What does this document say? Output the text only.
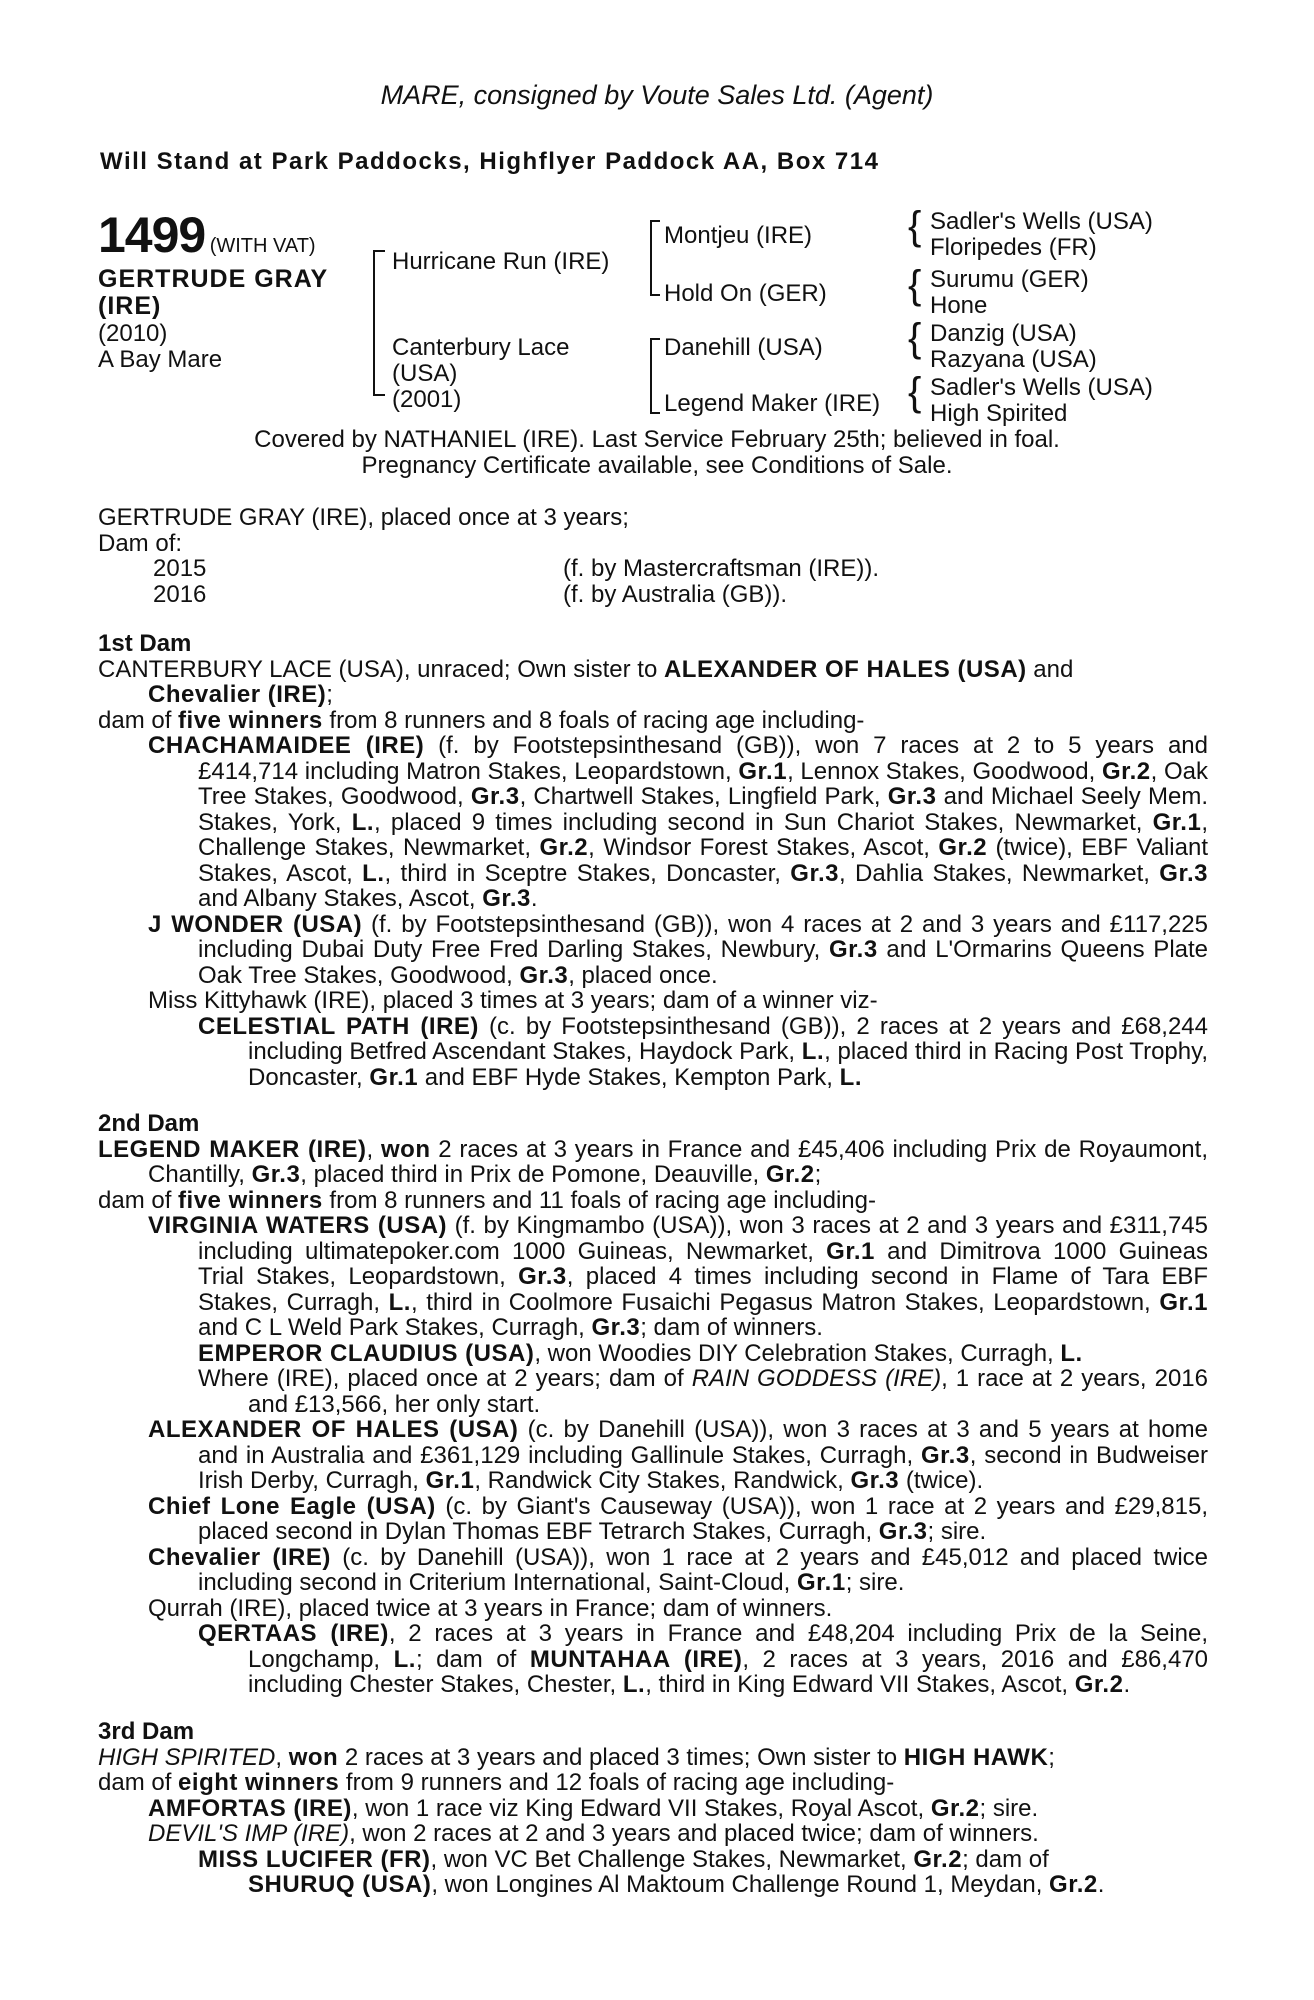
MARE, consigned by Voute Sales Ltd. (Agent)
Will Stand at Park Paddocks, Highflyer Paddock AA, Box 714
1499 (WITH VAT)
GERTRUDE GRAY
(IRE)
(2010)
A Bay Mare
Hurricane Run (IRE)
Canterbury Lace
(USA)
(2001)
Montjeu (IRE)
Hold On (GER)
Danehill (USA)
Legend Maker (IRE)
{ Sadler's Wells (USA)
Floripedes (FR)
{ Surumu (GER)
Hone
{ Danzig (USA)
Razyana (USA)
{ Sadler's Wells (USA)
High Spirited
Covered by NATHANIEL (IRE). Last Service February 25th; believed in foal.
Pregnancy Certificate available, see Conditions of Sale.

GERTRUDE GRAY (IRE), placed once at 3 years;

Dam of:

2015	(f. by Mastercraftsman (IRE)).
2016	(f. by Australia (GB)).

1st Dam

CANTERBURY LACE (USA), unraced; Own sister to ALEXANDER OF HALES (USA) and
Chevalier (IRE);

dam of five winners from 8 runners and 8 foals of racing age including-

CHACHAMAIDEE (IRE) (f. by Footstepsinthesand (GB)), won 7 races at 2 to 5 years and £414,714 including Matron Stakes, Leopardstown, Gr.1, Lennox Stakes, Goodwood, Gr.2, Oak Tree Stakes, Goodwood, Gr.3, Chartwell Stakes, Lingfield Park, Gr.3 and Michael Seely Mem. Stakes, York, L., placed 9 times including second in Sun Chariot Stakes, Newmarket, Gr.1, Challenge Stakes, Newmarket, Gr.2, Windsor Forest Stakes, Ascot, Gr.2 (twice), EBF Valiant Stakes, Ascot, L., third in Sceptre Stakes, Doncaster, Gr.3, Dahlia Stakes, Newmarket, Gr.3 and Albany Stakes, Ascot, Gr.3.

J WONDER (USA) (f. by Footstepsinthesand (GB)), won 4 races at 2 and 3 years and £117,225 including Dubai Duty Free Fred Darling Stakes, Newbury, Gr.3 and L'Ormarins Queens Plate Oak Tree Stakes, Goodwood, Gr.3, placed once.

Miss Kittyhawk (IRE), placed 3 times at 3 years; dam of a winner viz-

CELESTIAL PATH (IRE) (c. by Footstepsinthesand (GB)), 2 races at 2 years and £68,244 including Betfred Ascendant Stakes, Haydock Park, L., placed third in Racing Post Trophy, Doncaster, Gr.1 and EBF Hyde Stakes, Kempton Park, L.

2nd Dam

LEGEND MAKER (IRE), won 2 races at 3 years in France and £45,406 including Prix de Royaumont, Chantilly, Gr.3, placed third in Prix de Pomone, Deauville, Gr.2;

dam of five winners from 8 runners and 11 foals of racing age including-

VIRGINIA WATERS (USA) (f. by Kingmambo (USA)), won 3 races at 2 and 3 years and £311,745 including ultimatepoker.com 1000 Guineas, Newmarket, Gr.1 and Dimitrova 1000 Guineas Trial Stakes, Leopardstown, Gr.3, placed 4 times including second in Flame of Tara EBF Stakes, Curragh, L., third in Coolmore Fusaichi Pegasus Matron Stakes, Leopardstown, Gr.1 and C L Weld Park Stakes, Curragh, Gr.3; dam of winners.

EMPEROR CLAUDIUS (USA), won Woodies DIY Celebration Stakes, Curragh, L.

Where (IRE), placed once at 2 years; dam of RAIN GODDESS (IRE), 1 race at 2 years, 2016 and £13,566, her only start.

ALEXANDER OF HALES (USA) (c. by Danehill (USA)), won 3 races at 3 and 5 years at home and in Australia and £361,129 including Gallinule Stakes, Curragh, Gr.3, second in Budweiser Irish Derby, Curragh, Gr.1, Randwick City Stakes, Randwick, Gr.3 (twice).

Chief Lone Eagle (USA) (c. by Giant's Causeway (USA)), won 1 race at 2 years and £29,815, placed second in Dylan Thomas EBF Tetrarch Stakes, Curragh, Gr.3; sire.

Chevalier (IRE) (c. by Danehill (USA)), won 1 race at 2 years and £45,012 and placed twice including second in Criterium International, Saint-Cloud, Gr.1; sire.

Qurrah (IRE), placed twice at 3 years in France; dam of winners.

QERTAAS (IRE), 2 races at 3 years in France and £48,204 including Prix de la Seine, Longchamp, L.; dam of MUNTAHAA (IRE), 2 races at 3 years, 2016 and £86,470 including Chester Stakes, Chester, L., third in King Edward VII Stakes, Ascot, Gr.2.

3rd Dam

HIGH SPIRITED, won 2 races at 3 years and placed 3 times; Own sister to HIGH HAWK;

dam of eight winners from 9 runners and 12 foals of racing age including-

AMFORTAS (IRE), won 1 race viz King Edward VII Stakes, Royal Ascot, Gr.2; sire.

DEVIL'S IMP (IRE), won 2 races at 2 and 3 years and placed twice; dam of winners.

MISS LUCIFER (FR), won VC Bet Challenge Stakes, Newmarket, Gr.2; dam of
SHURUQ (USA), won Longines Al Maktoum Challenge Round 1, Meydan, Gr.2.
